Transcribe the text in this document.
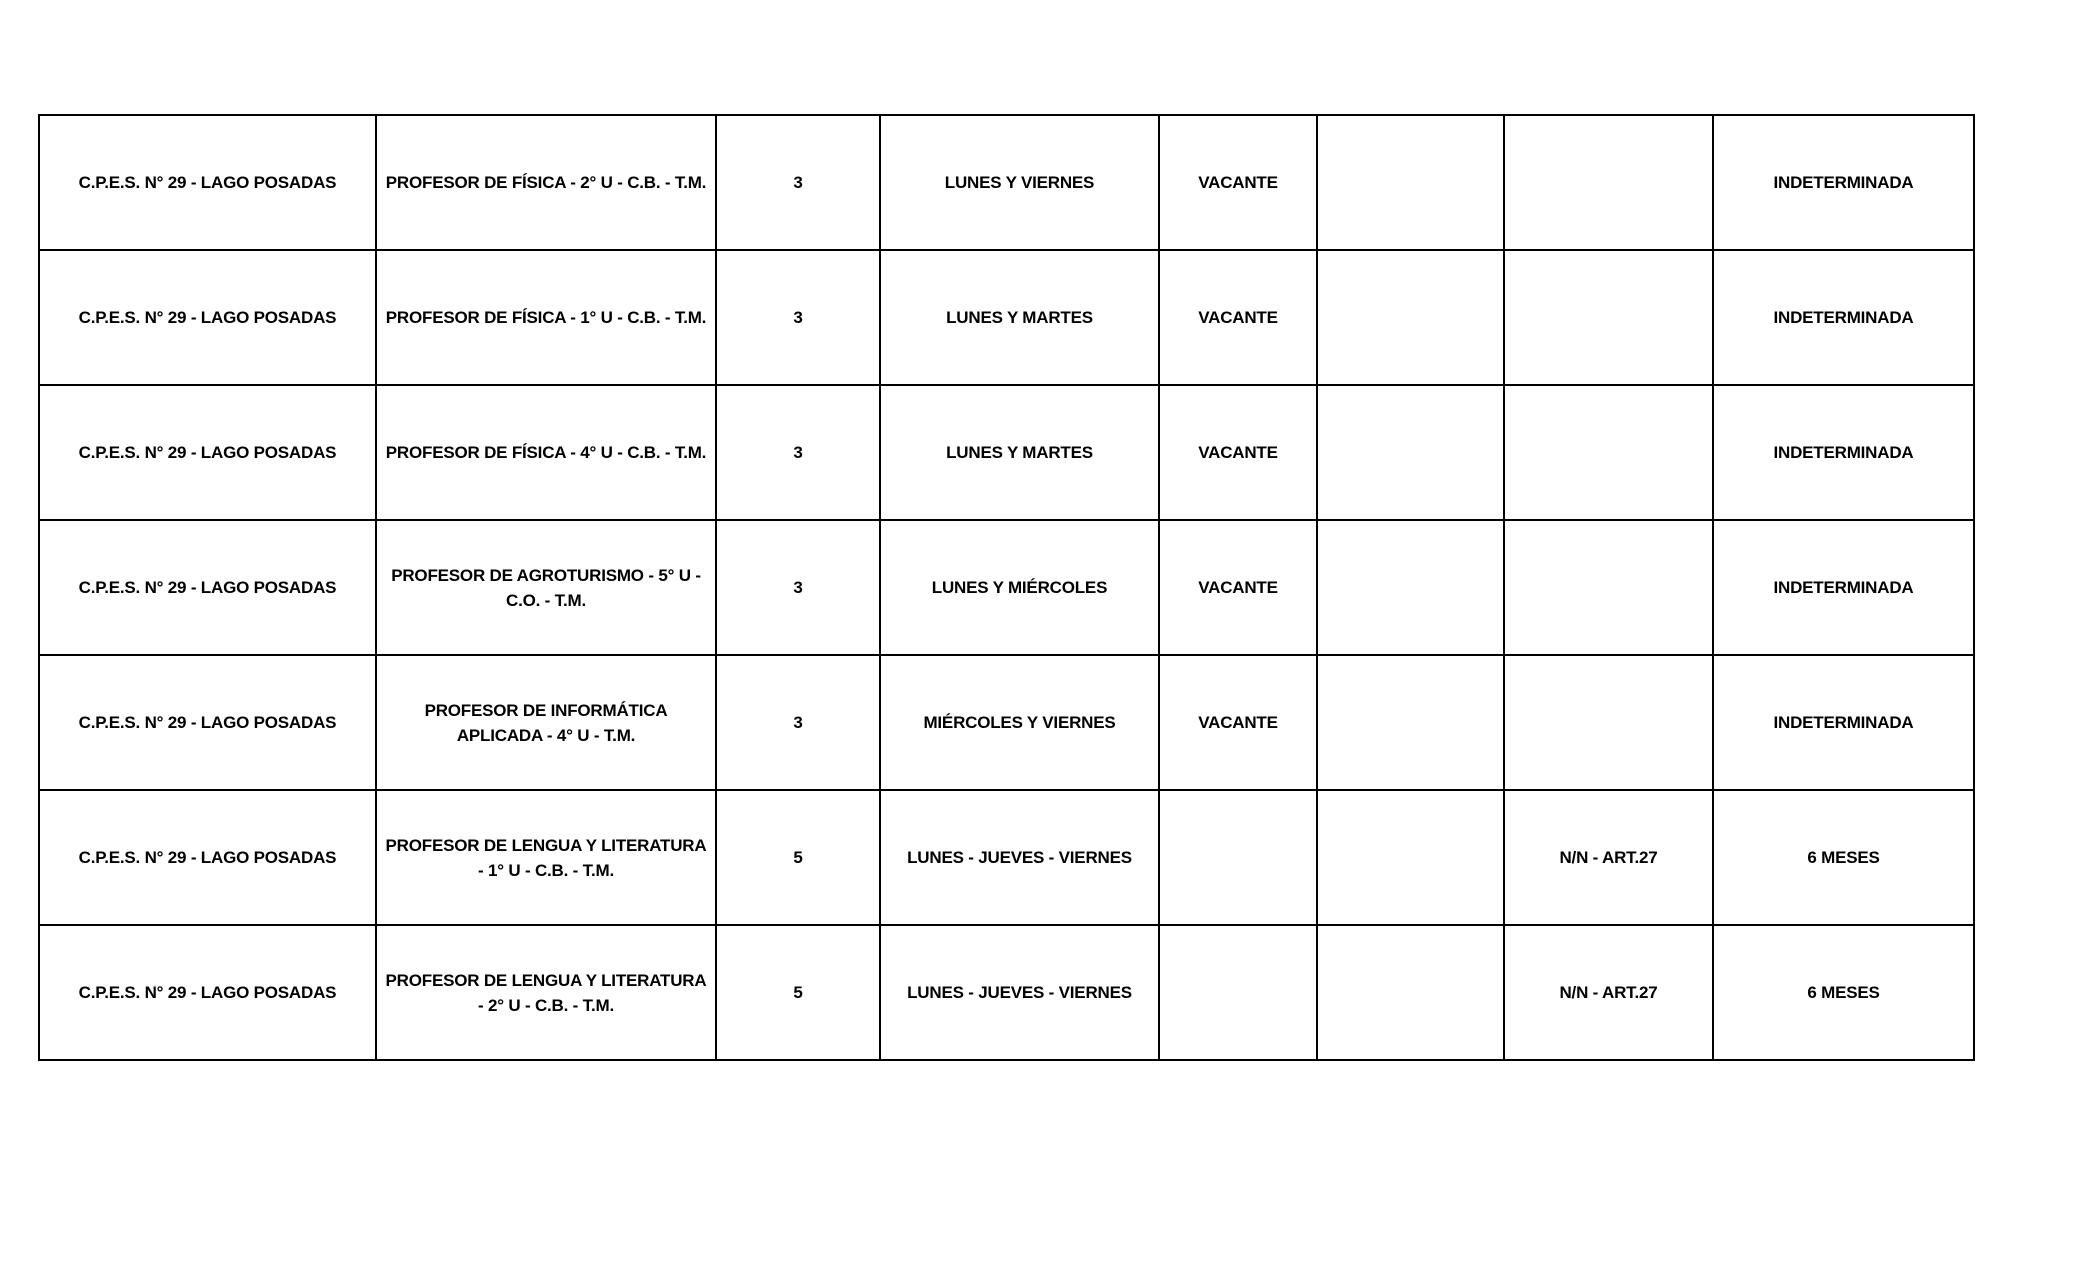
C.P.E.S. N° 29 - LAGO POSADAS	PROFESOR DE FÍSICA - 2° U - C.B. - T.M.	3	LUNES Y VIERNES	VACANTE			INDETERMINADA
C.P.E.S. N° 29 - LAGO POSADAS	PROFESOR DE FÍSICA - 1° U - C.B. - T.M.	3	LUNES Y MARTES	VACANTE			INDETERMINADA
C.P.E.S. N° 29 - LAGO POSADAS	PROFESOR DE FÍSICA - 4° U - C.B. - T.M.	3	LUNES Y MARTES	VACANTE			INDETERMINADA
C.P.E.S. N° 29 - LAGO POSADAS	PROFESOR DE AGROTURISMO - 5° U - C.O. - T.M.	3	LUNES Y MIÉRCOLES	VACANTE			INDETERMINADA
C.P.E.S. N° 29 - LAGO POSADAS	PROFESOR DE INFORMÁTICA APLICADA - 4° U - T.M.	3	MIÉRCOLES Y VIERNES	VACANTE			INDETERMINADA
C.P.E.S. N° 29 - LAGO POSADAS	PROFESOR DE LENGUA Y LITERATURA - 1° U - C.B. - T.M.	5	LUNES - JUEVES - VIERNES			N/N - ART.27	6 MESES
C.P.E.S. N° 29 - LAGO POSADAS	PROFESOR DE LENGUA Y LITERATURA - 2° U - C.B. - T.M.	5	LUNES - JUEVES - VIERNES			N/N - ART.27	6 MESES
